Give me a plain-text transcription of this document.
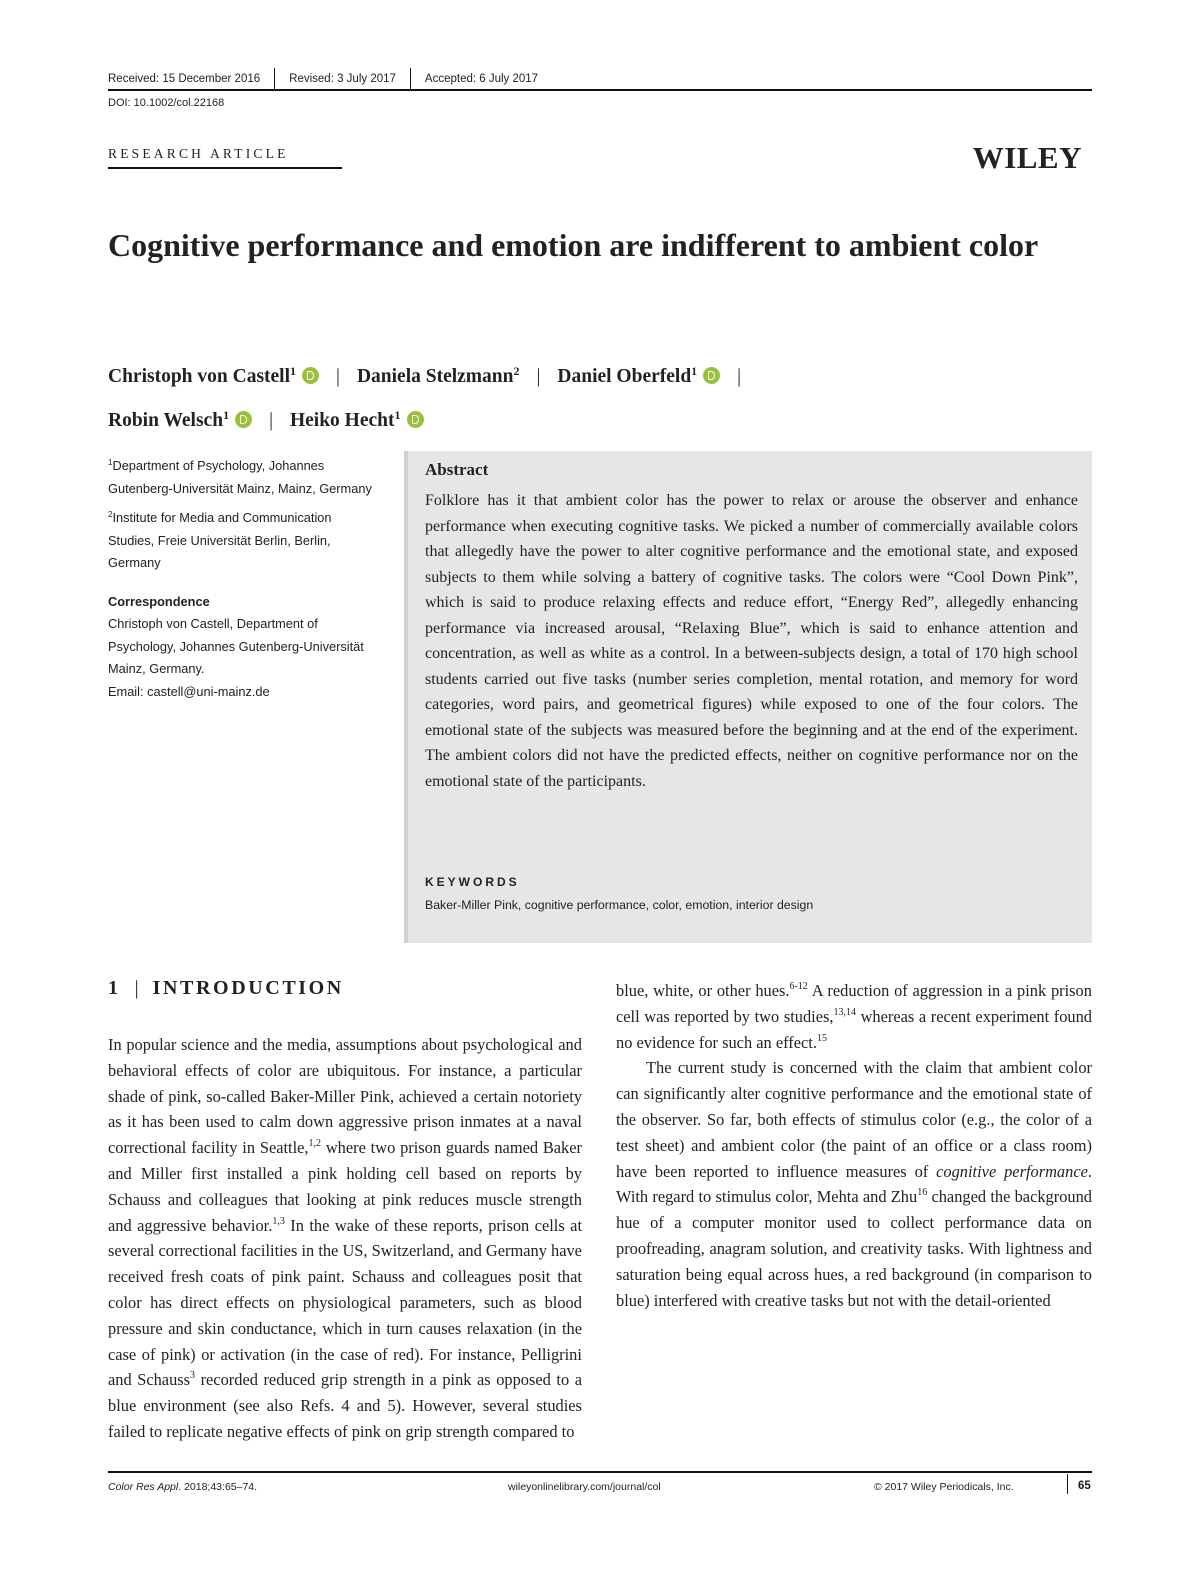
Received: 15 December 2016	Revised: 3 July 2017	Accepted: 6 July 2017
DOI: 10.1002/col.22168
RESEARCH ARTICLE	WILEY
Cognitive performance and emotion are indifferent to ambient color
Christoph von Castell$^1$ | Daniela Stelzmann$^2$ | Daniel Oberfeld$^1$ |
Robin Welsch$^1$ | Heiko Hecht$^1$

$^1$Department of Psychology, Johannes Gutenberg-Universität Mainz, Mainz, Germany

$^2$Institute for Media and Communication Studies, Freie Universität Berlin, Berlin, Germany

Correspondence

Christoph von Castell, Department of Psychology, Johannes Gutenberg-Universität Mainz, Germany.
Email: castell@uni-mainz.de

Abstract

Folklore has it that ambient color has the power to relax or arouse the observer and enhance performance when executing cognitive tasks. We picked a number of commercially available colors that allegedly have the power to alter cognitive performance and the emotional state, and exposed subjects to them while solving a battery of cognitive tasks. The colors were “Cool Down Pink”, which is said to produce relaxing effects and reduce effort, “Energy Red”, allegedly enhancing performance via increased arousal, “Relaxing Blue”, which is said to enhance attention and concentration, as well as white as a control. In a between-subjects design, a total of 170 high school students carried out five tasks (number series completion, mental rotation, and memory for word categories, word pairs, and geometrical figures) while exposed to one of the four colors. The emotional state of the subjects was measured before the beginning and at the end of the experiment. The ambient colors did not have the predicted effects, neither on cognitive performance nor on the emotional state of the participants.

KEYWORDS
Baker-Miller Pink, cognitive performance, color, emotion, interior design
1 | INTRODUCTION

In popular science and the media, assumptions about psychological and behavioral effects of color are ubiquitous. For instance, a particular shade of pink, so-called Baker-Miller Pink, achieved a certain notoriety as it has been used to calm down aggressive prison inmates at a naval correctional facility in Seattle,$^{1,2}$ where two prison guards named Baker and Miller first installed a pink holding cell based on reports by Schauss and colleagues that looking at pink reduces muscle strength and aggressive behavior.$^{1,3}$ In the wake of these reports, prison cells at several correctional facilities in the US, Switzerland, and Germany have received fresh coats of pink paint. Schauss and colleagues posit that color has direct effects on physiological parameters, such as blood pressure and skin conductance, which in turn causes relaxation (in the case of pink) or activation (in the case of red). For instance, Pelligrini and Schauss$^3$ recorded reduced grip strength in a pink as opposed to a blue environment (see also Refs. 4 and 5). However, several studies failed to replicate negative effects of pink on grip strength compared to

blue, white, or other hues.$^{6-12}$ A reduction of aggression in a pink prison cell was reported by two studies,$^{13,14}$ whereas a recent experiment found no evidence for such an effect.$^{15}$

The current study is concerned with the claim that ambient color can significantly alter cognitive performance and the emotional state of the observer. So far, both effects of stimulus color (e.g., the color of a test sheet) and ambient color (the paint of an office or a class room) have been reported to influence measures of cognitive performance. With regard to stimulus color, Mehta and Zhu$^{16}$ changed the background hue of a computer monitor used to collect performance data on proofreading, anagram solution, and creativity tasks. With lightness and saturation being equal across hues, a red background (in comparison to blue) interfered with creative tasks but not with the detail-oriented

Color Res Appl. 2018;43:65–74.	wileyonlinelibrary.com/journal/col	© 2017 Wiley Periodicals, Inc.	65
